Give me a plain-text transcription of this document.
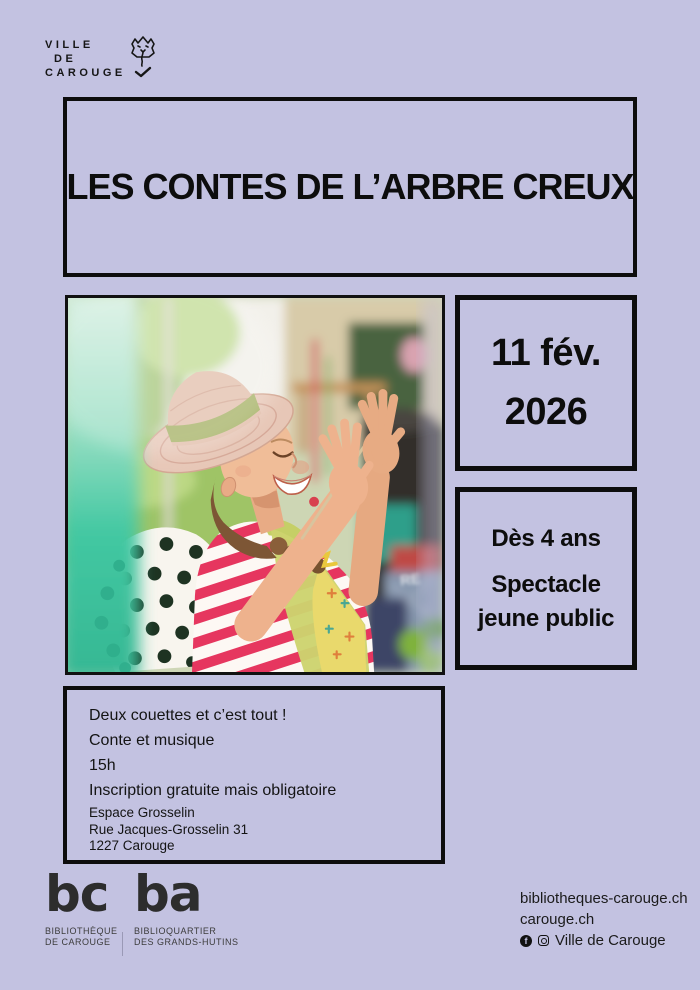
VILLE
DE
CAROUGE
LES CONTES DE L’ARBRE CREUX
RE
11 fév.
2026
Dès 4 ans
Spectacle
jeune public
Deux couettes et c’est tout !
Conte et musique
15h
Inscription gratuite mais obligatoire
Espace Grosselin
Rue Jacques-Grosselin 31
1227 Carouge
bc
BIBLIOTHÈQUE
DE CAROUGE
ba
BIBLIOQUARTIER
DES GRANDS-HUTINS
bibliotheques-carouge.ch
carouge.ch
f	Ville de Carouge
